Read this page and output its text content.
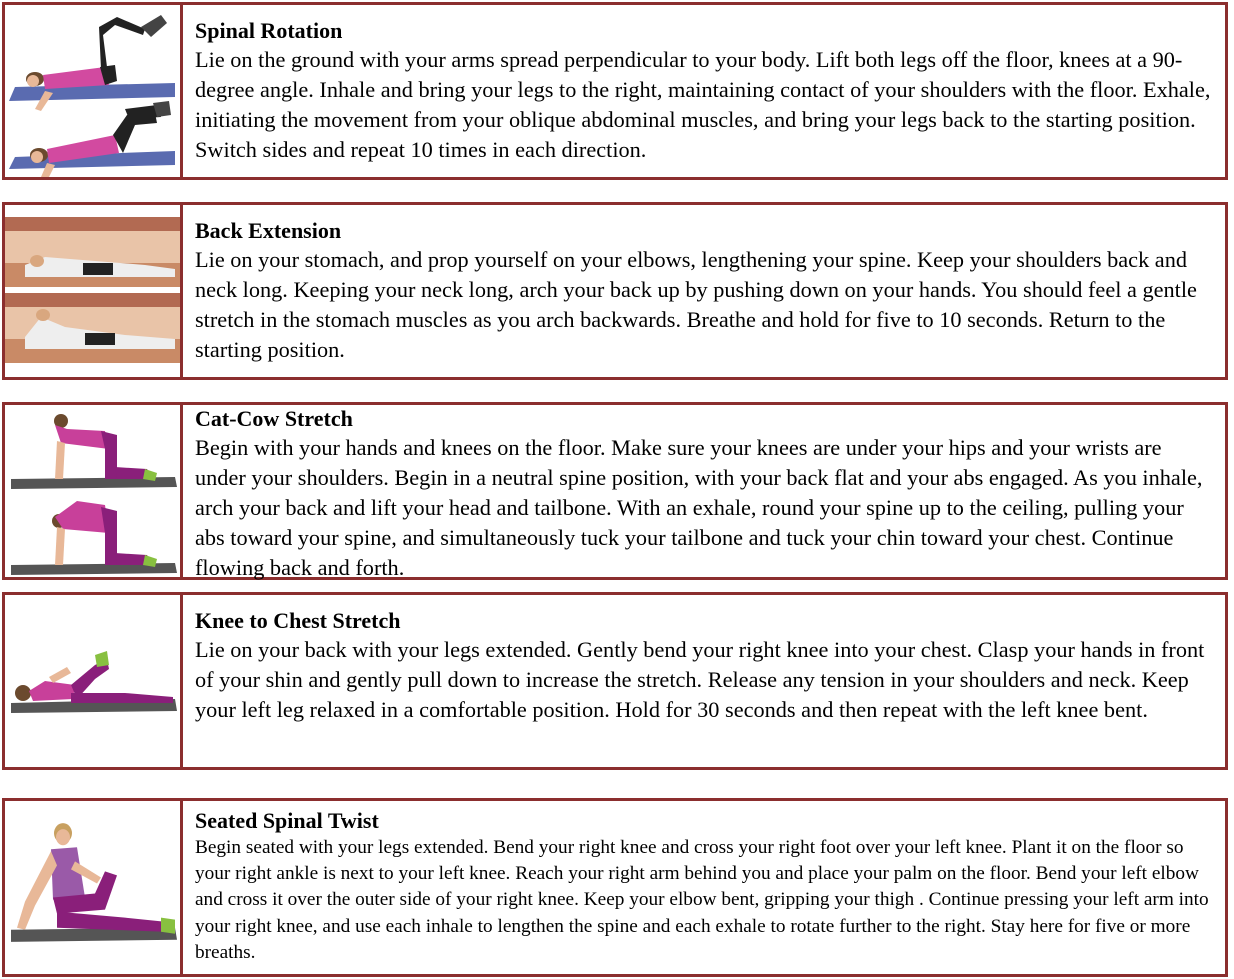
Spinal Rotation

Lie on the ground with your arms spread perpendicular to your body. Lift both legs off the floor, knees at a 90-degree angle. Inhale and bring your legs to the right, maintaining contact of your shoulders with the floor. Exhale, initiating the movement from your oblique abdominal muscles, and bring your legs back to the starting position. Switch sides and repeat 10 times in each direction.

Back Extension

Lie on your stomach, and prop yourself on your elbows, lengthening your spine. Keep your shoulders back and neck long. Keeping your neck long, arch your back up by pushing down on your hands. You should feel a gentle stretch in the stomach muscles as you arch backwards. Breathe and hold for five to 10 seconds. Return to the starting position.

Cat-Cow Stretch

Begin with your hands and knees on the floor. Make sure your knees are under your hips and your wrists are under your shoulders. Begin in a neutral spine position, with your back flat and your abs engaged. As you inhale, arch your back and lift your head and tailbone. With an exhale, round your spine up to the ceiling, pulling your abs toward your spine, and simultaneously tuck your tailbone and tuck your chin toward your chest. Continue flowing back and forth.

Knee to Chest Stretch

Lie on your back with your legs extended. Gently bend your right knee into your chest. Clasp your hands in front of your shin and gently pull down to increase the stretch. Release any tension in your shoulders and neck. Keep your left leg relaxed in a comfortable position. Hold for 30 seconds and then repeat with the left knee bent.

Seated Spinal Twist

Begin seated with your legs extended. Bend your right knee and cross your right foot over your left knee. Plant it on the floor so your right ankle is next to your left knee. Reach your right arm behind you and place your palm on the floor. Bend your left elbow and cross it over the outer side of your right knee. Keep your elbow bent, gripping your thigh . Continue pressing your left arm into your right knee, and use each inhale to lengthen the spine and each exhale to rotate further to the right. Stay here for five or more breaths.
